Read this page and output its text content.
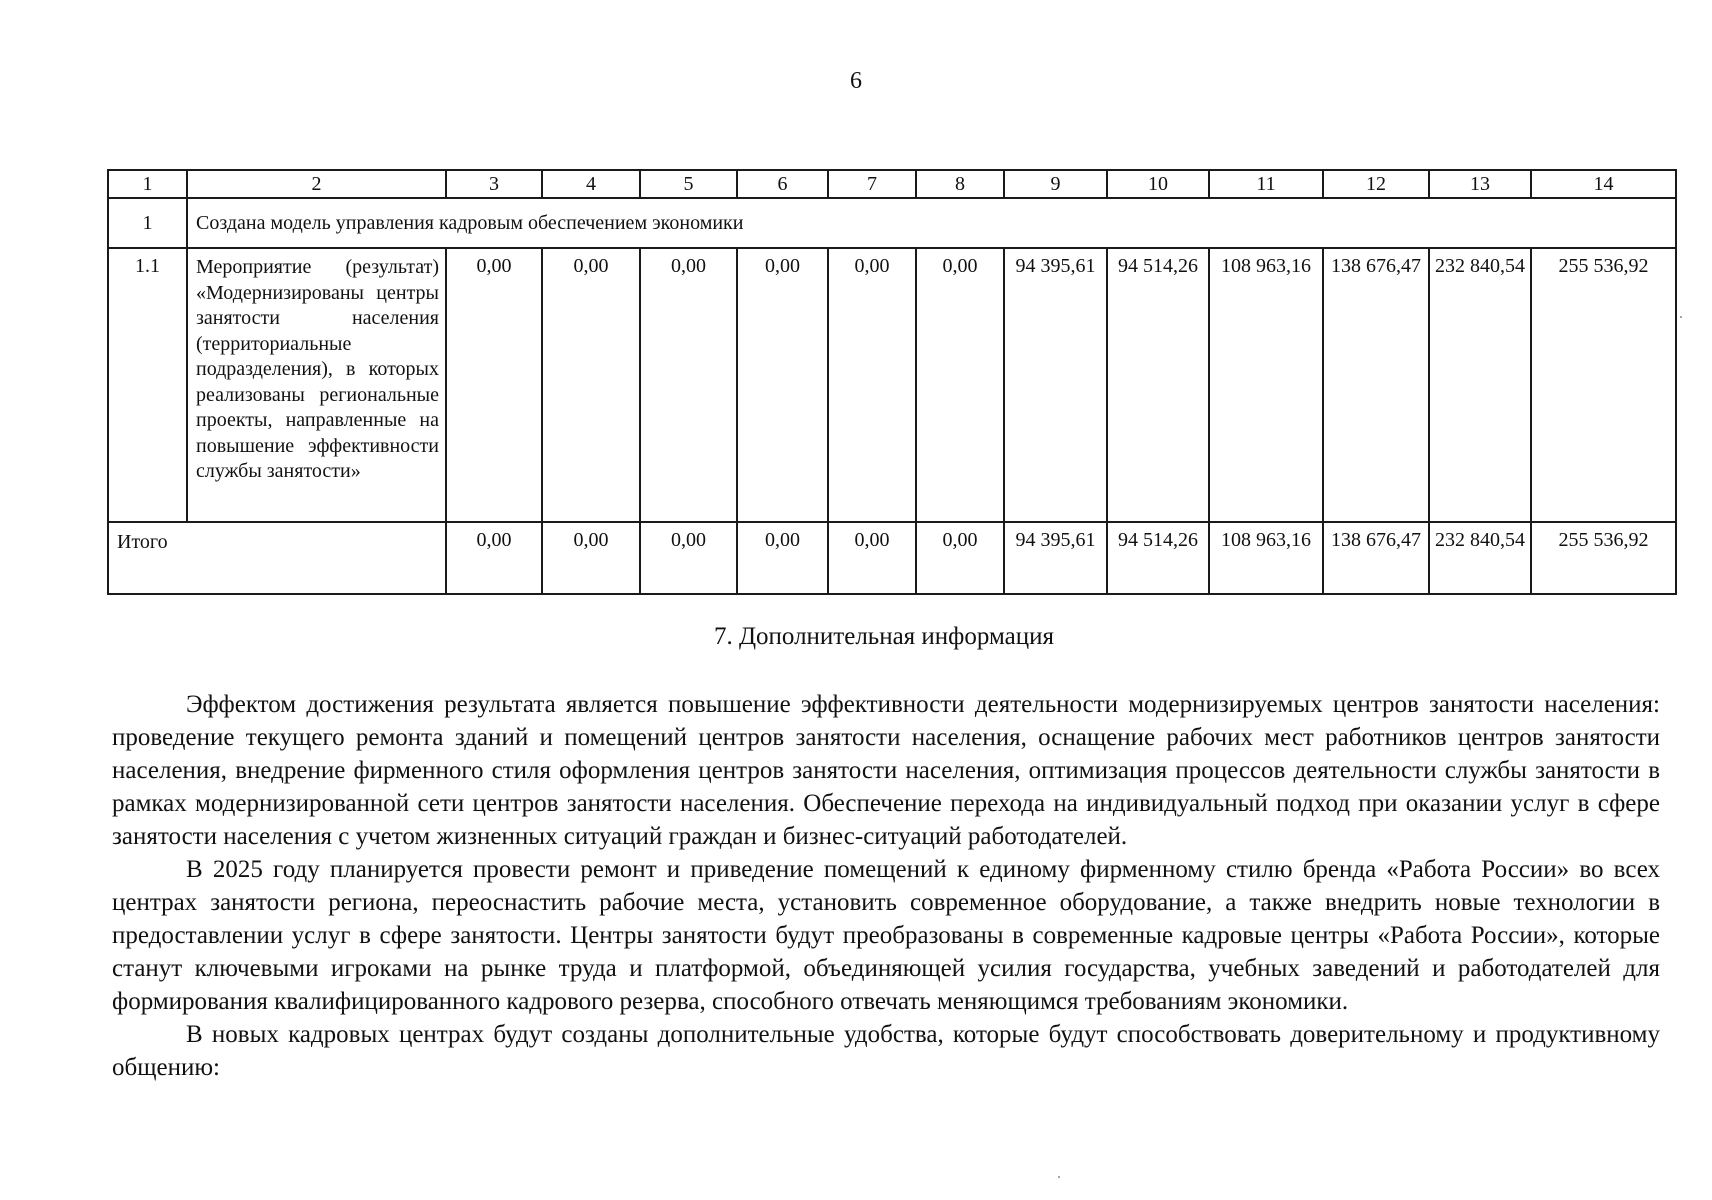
6
1	2	3	4	5	6	7	8	9	10	11	12	13	14
1	Создана модель управления кадровым обеспечением экономики												
1.1	Мероприятие (результат) «Модернизированы центры занятости населения (территориальные подразделения), в которых реализованы региональные проекты, направленные на повышение эффективности службы занятости»	0,00	0,00	0,00	0,00	0,00	0,00	94 395,61	94 514,26	108 963,16	138 676,47	232 840,54	255 536,92
Итого		0,00	0,00	0,00	0,00	0,00	0,00	94 395,61	94 514,26	108 963,16	138 676,47	232 840,54	255 536,92
7. Дополнительная информация

Эффектом достижения результата является повышение эффективности деятельности модернизируемых центров занятости населения: проведение текущего ремонта зданий и помещений центров занятости населения, оснащение рабочих мест работников центров занятости населения, внедрение фирменного стиля оформления центров занятости населения, оптимизация процессов деятельности службы занятости в рамках модернизированной сети центров занятости населения. Обеспечение перехода на индивидуальный подход при оказании услуг в сфере занятости населения с учетом жизненных ситуаций граждан и бизнес-ситуаций работодателей.

В 2025 году планируется провести ремонт и приведение помещений к единому фирменному стилю бренда «Работа России» во всех центрах занятости региона, переоснастить рабочие места, установить современное оборудование, а также внедрить новые технологии в предоставлении услуг в сфере занятости. Центры занятости будут преобразованы в современные кадровые центры «Работа России», которые станут ключевыми игроками на рынке труда и платформой, объединяющей усилия государства, учебных заведений и работодателей для формирования квалифицированного кадрового резерва, способного отвечать меняющимся требованиям экономики.

В новых кадровых центрах будут созданы дополнительные удобства, которые будут способствовать доверительному и продуктивному общению:
